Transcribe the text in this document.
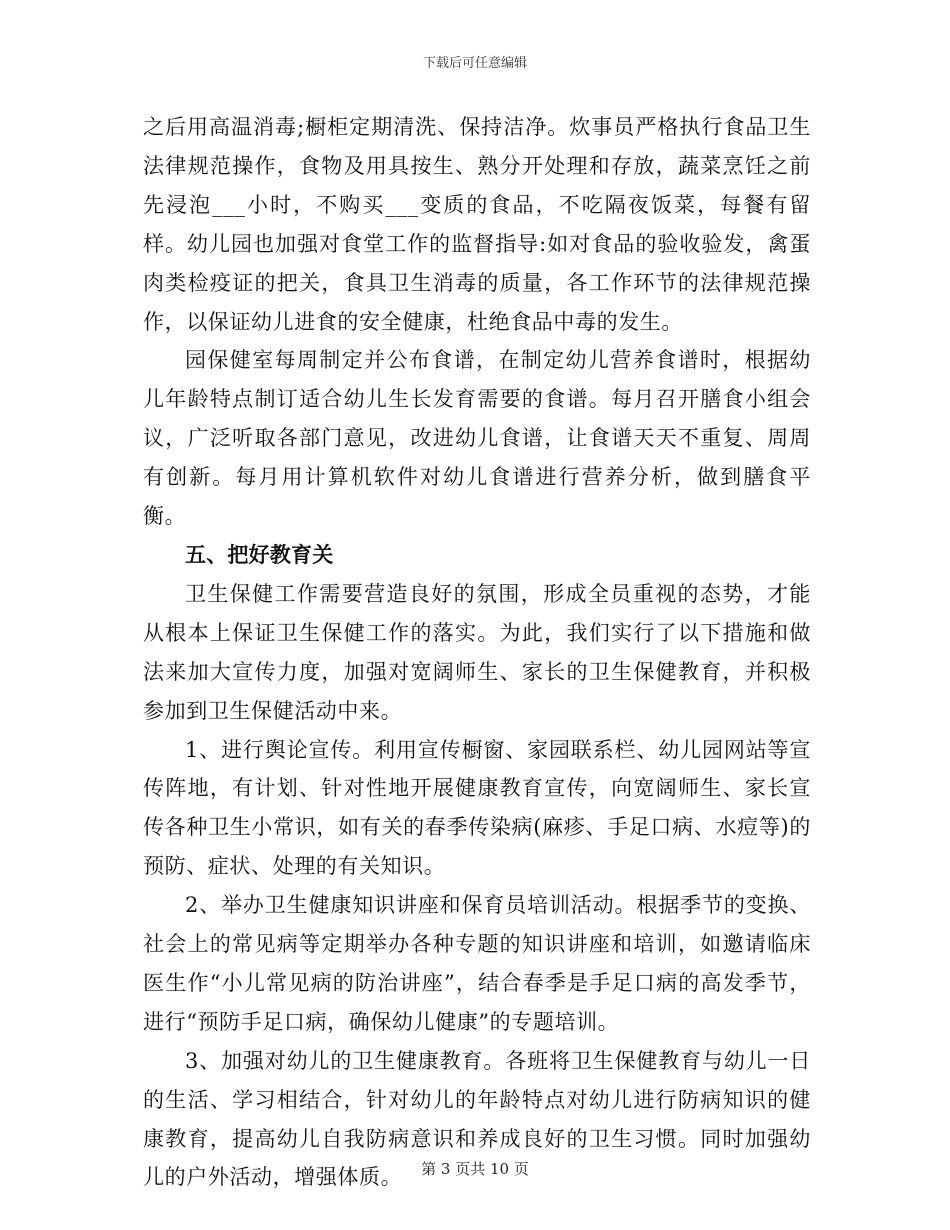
下载后可任意编辑

之后用高温消毒;橱柜定期清洗、保持洁净。炊事员严格执行食品卫生法律规范操作，食物及用具按生、熟分开处理和存放，蔬菜烹饪之前先浸泡___小时，不购买___变质的食品，不吃隔夜饭菜，每餐有留样。幼儿园也加强对食堂工作的监督指导:如对食品的验收验发，禽蛋肉类检疫证的把关，食具卫生消毒的质量，各工作环节的法律规范操作，以保证幼儿进食的安全健康，杜绝食品中毒的发生。

园保健室每周制定并公布食谱，在制定幼儿营养食谱时，根据幼儿年龄特点制订适合幼儿生长发育需要的食谱。每月召开膳食小组会议，广泛听取各部门意见，改进幼儿食谱，让食谱天天不重复、周周有创新。每月用计算机软件对幼儿食谱进行营养分析，做到膳食平衡。

五、把好教育关

卫生保健工作需要营造良好的氛围，形成全员重视的态势，才能从根本上保证卫生保健工作的落实。为此，我们实行了以下措施和做法来加大宣传力度，加强对宽阔师生、家长的卫生保健教育，并积极参加到卫生保健活动中来。

1、进行舆论宣传。利用宣传橱窗、家园联系栏、幼儿园网站等宣传阵地，有计划、针对性地开展健康教育宣传，向宽阔师生、家长宣传各种卫生小常识，如有关的春季传染病(麻疹、手足口病、水痘等)的预防、症状、处理的有关知识。

2、举办卫生健康知识讲座和保育员培训活动。根据季节的变换、社会上的常见病等定期举办各种专题的知识讲座和培训，如邀请临床医生作“小儿常见病的防治讲座”，结合春季是手足口病的高发季节，进行“预防手足口病，确保幼儿健康”的专题培训。

3、加强对幼儿的卫生健康教育。各班将卫生保健教育与幼儿一日的生活、学习相结合，针对幼儿的年龄特点对幼儿进行防病知识的健康教育，提高幼儿自我防病意识和养成良好的卫生习惯。同时加强幼儿的户外活动，增强体质。	第 3 页共 10 页
